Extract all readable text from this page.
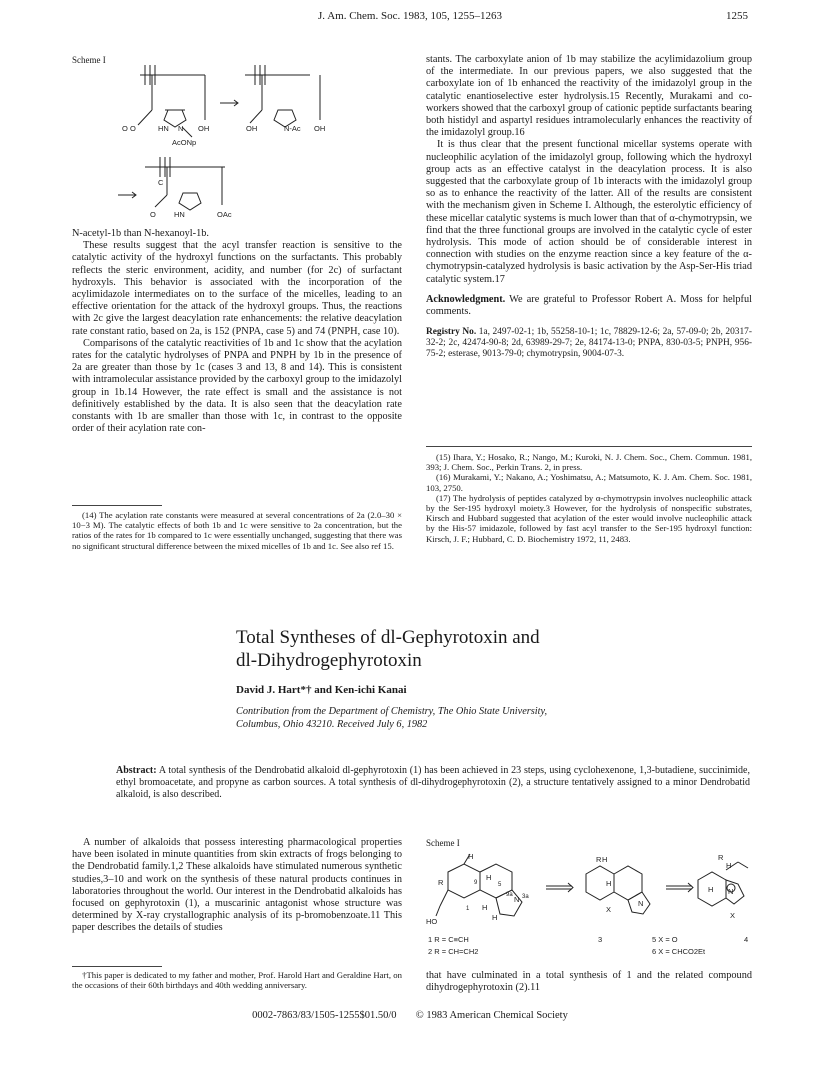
J. Am. Chem. Soc. 1983, 105, 1255–1263	1255
Scheme I
O O	HN N OH
AcONp
OH	N-Ac OH
C
O HN	OAc

N-acetyl-1b than N-hexanoyl-1b.

These results suggest that the acyl transfer reaction is sensitive to the catalytic activity of the hydroxyl functions on the surfactants. This probably reflects the steric environment, acidity, and number (for 2c) of surfactant hydroxyls. This behavior is associated with the incorporation of the acylimidazole intermediates on to the surface of the micelles, leading to an effective orientation for the attack of the hydroxyl groups. Thus, the reactions with 2c give the largest deacylation rate enhancements: the relative deacylation rate constant ratio, based on 2a, is 152 (PNPA, case 5) and 74 (PNPH, case 10).

Comparisons of the catalytic reactivities of 1b and 1c show that the acylation rates for the catalytic hydrolyses of PNPA and PNPH by 1b in the presence of 2a are greater than those by 1c (cases 3 and 13, 8 and 14). This is consistent with intramolecular assistance provided by the carboxyl group to the imidazolyl group in 1b.14 However, the rate effect is small and the assistance is not definitively established by the data. It is also seen that the deacylation rate constants with 1b are smaller than those with 1c, in contrast to the opposite order of their acylation rate con-

(14) The acylation rate constants were measured at several concentrations of 2a (2.0–30 × 10−3 M). The catalytic effects of both 1b and 1c were sensitive to 2a concentration, but the ratios of the rates for 1b compared to 1c were essentially unchanged, suggesting that there was no significant structural difference between the mixed micelles of 1b and 1c. See also ref 15.

stants. The carboxylate anion of 1b may stabilize the acylimidazolium group of the intermediate. In our previous papers, we also suggested that the carboxylate ion of 1b enhanced the reactivity of the imidazolyl group in the catalytic enantioselective ester hydrolysis.15 Recently, Murakami and co-workers showed that the carboxyl group of cationic peptide surfactants bearing both histidyl and aspartyl residues intramolecularly enhances the reactivity of the imidazolyl group.16

It is thus clear that the present functional micellar systems operate with nucleophilic acylation of the imidazolyl group, following which the hydroxyl group acts as an effective catalyst in the deacylation process. It is also suggested that the carboxylate group of 1b interacts with the imidazolyl group so as to enhance the reactivity of the latter. All of the results are consistent with the mechanism given in Scheme I. Although, the esterolytic efficiency of these micellar catalytic systems is much lower than that of α-chymotrypsin, we find that the three functional groups are involved in the catalytic cycle of ester hydrolysis. This mode of action should be of considerable interest in connection with studies on the enzyme reaction since a key feature of the α-chymotrypsin-catalyzed hydrolysis is basic activation by the Asp-Ser-His triad catalytic system.17

Acknowledgment. We are grateful to Professor Robert A. Moss for helpful comments.

Registry No. 1a, 2497-02-1; 1b, 55258-10-1; 1c, 78829-12-6; 2a, 57-09-0; 2b, 20317-32-2; 2c, 42474-90-8; 2d, 63989-29-7; 2e, 84174-13-0; PNPA, 830-03-5; PNPH, 956-75-2; esterase, 9013-79-0; chymotrypsin, 9004-07-3.

(15) Ihara, Y.; Hosako, R.; Nango, M.; Kuroki, N. J. Chem. Soc., Chem. Commun. 1981, 393; J. Chem. Soc., Perkin Trans. 2, in press.

(16) Murakami, Y.; Nakano, A.; Yoshimatsu, A.; Matsumoto, K. J. Am. Chem. Soc. 1981, 103, 2750.

(17) The hydrolysis of peptides catalyzed by α-chymotrypsin involves nucleophilic attack by the Ser-195 hydroxyl moiety.3 However, for the hydrolysis of nonspecific substrates, Kirsch and Hubbard suggested that acylation of the ester would involve nucleophilic attack by the His-57 imidazole, followed by fast acyl transfer to the Ser-195 hydroxyl function: Kirsch, J. F.; Hubbard, C. D. Biochemistry 1972, 11, 2483.

Total Syntheses of dl-Gephyrotoxin and
dl-Dihydrogephyrotoxin
David J. Hart*† and Ken-ichi Kanai
Contribution from the Department of Chemistry, The Ohio State University,
Columbus, Ohio 43210. Received July 6, 1982
Abstract: A total synthesis of the Dendrobatid alkaloid dl-gephyrotoxin (1) has been achieved in 23 steps, using cyclohexenone, 1,3-butadiene, succinimide, ethyl bromoacetate, and propyne as carbon sources. A total synthesis of dl-dihydrogephyrotoxin (2), a structure tentatively assigned to a minor Dendrobatid alkaloid, is also described.

A number of alkaloids that possess interesting pharmacological properties have been isolated in minute quantities from skin extracts of frogs belonging to the Dendrobatid family.1,2 These alkaloids have stimulated numerous synthetic studies,3–10 and work on the synthesis of these natural products continues in laboratories throughout the world. Our interest in the Dendrobatid alkaloids has focused on gephyrotoxin (1), a muscarinic antagonist whose structure was determined by X-ray crystallographic analysis of its p-bromobenzoate.11 This paper describes the details of studies

†This paper is dedicated to my father and mother, Prof. Harold Hart and Geraldine Hart, on the occasions of their 60th birthdays and 40th wedding anniversary.

Scheme I
H
R
H
9
9a
5
3a
1
N
HO
H
H
R H
H
N
X
R
H
H N
X
1 R = C≡CH
2 R = CH=CH2
3	5 X = O
6 X = CHCO2Et
4

that have culminated in a total synthesis of 1 and the related compound dihydrogephyrotoxin (2).11

0002-7863/83/1505-1255$01.50/0 © 1983 American Chemical Society
